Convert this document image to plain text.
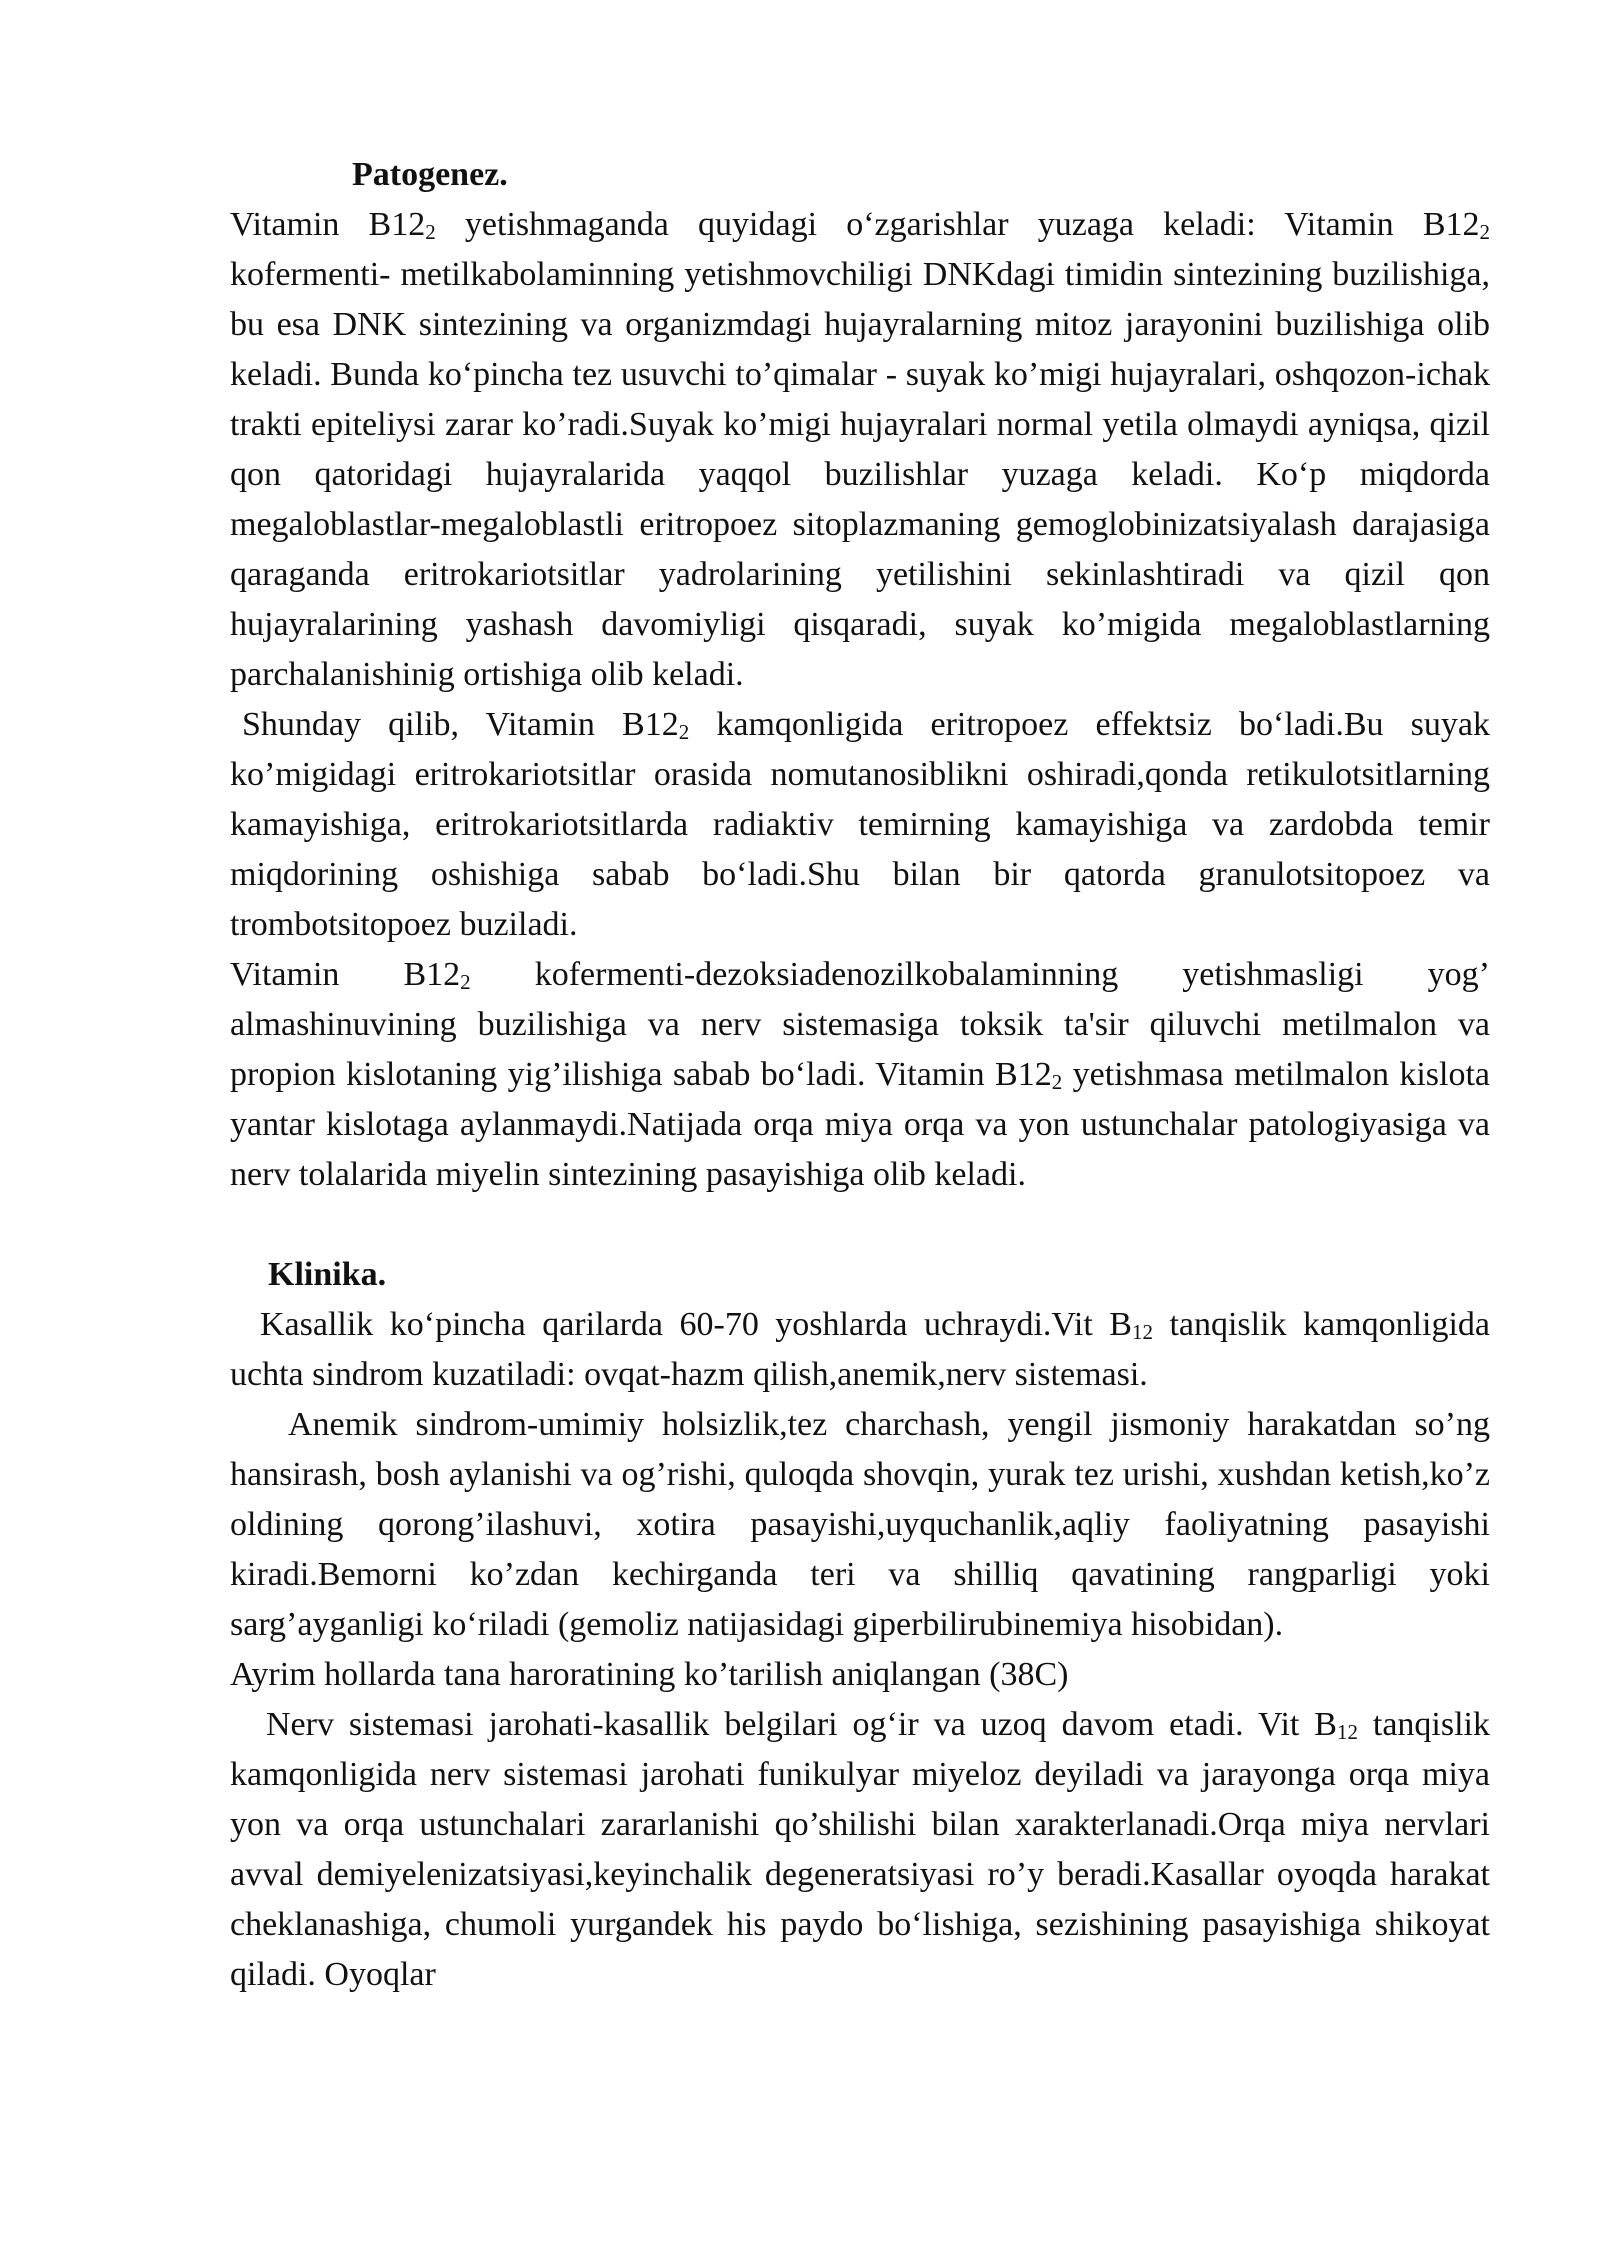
Patogenez.

Vitamin $B12_2$ yetishmaganda quyidagi o‘zgarishlar yuzaga keladi: Vitamin $B12_2$ kofermenti- metilkabolaminning yetishmovchiligi DNKdagi timidin sintezining buzilishiga, bu esa DNK sintezining va organizmdagi hujayralarning mitoz jarayonini buzilishiga olib keladi. Bunda ko‘pincha tez usuvchi to’qimalar - suyak ko’migi hujayralari, oshqozon-ichak trakti epiteliysi zarar ko’radi.Suyak ko’migi hujayralari normal yetila olmaydi ayniqsa, qizil qon qatoridagi hujayralarida yaqqol buzilishlar yuzaga keladi. Ko‘p miqdorda megaloblastlar-megaloblastli eritropoez sitoplazmaning gemoglobinizatsiyalash darajasiga qaraganda eritrokariotsitlar yadrolarining yetilishini sekinlashtiradi va qizil qon hujayralarining yashash davomiyligi qisqaradi, suyak ko’migida megaloblastlarning parchalanishinig ortishiga olib keladi.

Shunday qilib, Vitamin $B12_2$ kamqonligida eritropoez effektsiz bo‘ladi.Bu suyak ko’migidagi eritrokariotsitlar orasida nomutanosiblikni oshiradi,qonda retikulotsitlarning kamayishiga, eritrokariotsitlarda radiaktiv temirning kamayishiga va zardobda temir miqdorining oshishiga sabab bo‘ladi.Shu bilan bir qatorda granulotsitopoez va trombotsitopoez buziladi.

Vitamin $B12_2$ kofermenti-dezoksiadenozilkobalaminning yetishmasligi yog’ almashinuvining buzilishiga va nerv sistemasiga toksik ta'sir qiluvchi metilmalon va propion kislotaning yig’ilishiga sabab bo‘ladi. Vitamin $B12_2$ yetishmasa metilmalon kislota yantar kislotaga aylanmaydi.Natijada orqa miya orqa va yon ustunchalar patologiyasiga va nerv tolalarida miyelin sintezining pasayishiga olib keladi.

Klinika.

Kasallik ko‘pincha qarilarda 60-70 yoshlarda uchraydi.Vit $B_{12}$ tanqislik kamqonligida uchta sindrom kuzatiladi: ovqat-hazm qilish,anemik,nerv sistemasi.

Anemik sindrom-umimiy holsizlik,tez charchash, yengil jismoniy harakatdan so’ng hansirash, bosh aylanishi va og’rishi, quloqda shovqin, yurak tez urishi, xushdan ketish,ko’z oldining qorong’ilashuvi, xotira pasayishi,uyquchanlik,aqliy faoliyatning pasayishi kiradi.Bemorni ko’zdan kechirganda teri va shilliq qavatining rangparligi yoki sarg’ayganligi ko‘riladi (gemoliz natijasidagi giperbilirubinemiya hisobidan).

Ayrim hollarda tana haroratining ko’tarilish aniqlangan (38C)

Nerv sistemasi jarohati-kasallik belgilari og‘ir va uzoq davom etadi. Vit $B_{12}$ tanqislik kamqonligida nerv sistemasi jarohati funikulyar miyeloz deyiladi va jarayonga orqa miya yon va orqa ustunchalari zararlanishi qo’shilishi bilan xarakterlanadi.Orqa miya nervlari avval demiyelenizatsiyasi,keyinchalik degeneratsiyasi ro’y beradi.Kasallar oyoqda harakat cheklanashiga, chumoli yurgandek his paydo bo‘lishiga, sezishining pasayishiga shikoyat qiladi. Oyoqlar
